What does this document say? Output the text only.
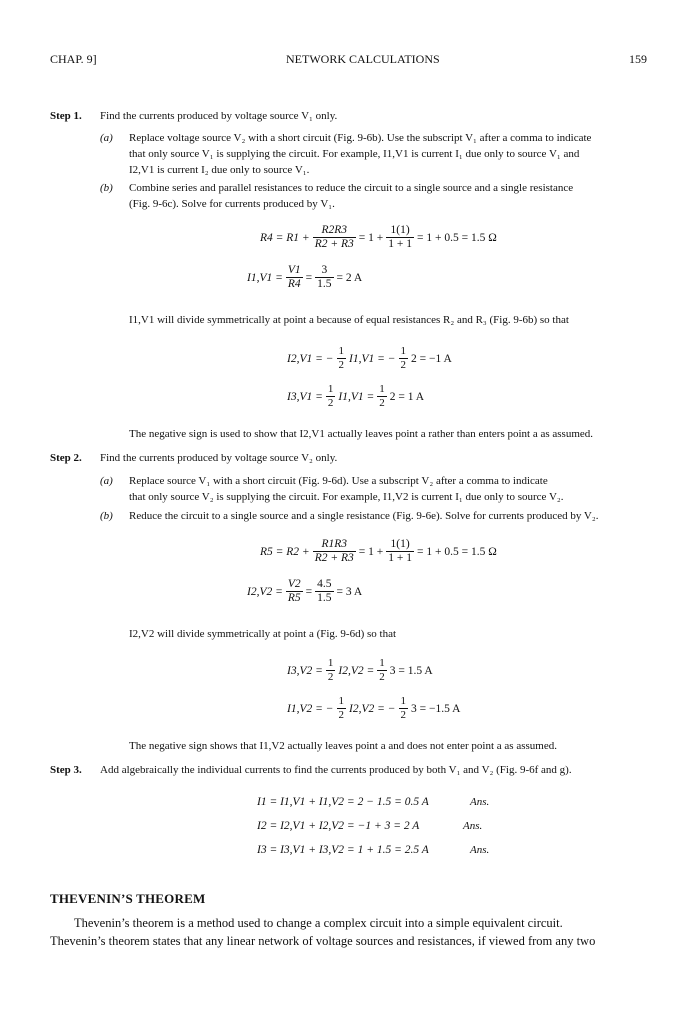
CHAP. 9]	NETWORK CALCULATIONS	159
Step 1. Find the currents produced by voltage source V₁ only.
(a) Replace voltage source V₂ with a short circuit (Fig. 9-6b). Use the subscript V₁ after a comma to indicate
that only source V₁ is supplying the circuit. For example, I1,V1 is current I₁ due only to source V₁ and
I2,V1 is current I₂ due only to source V₁.
(b) Combine series and parallel resistances to reduce the circuit to a single source and a single resistance
(Fig. 9-6c). Solve for currents produced by V₁.
$R4 = R1 + \frac{R2R3}{R2 + R3} = 1 + \frac{1(1)}{1 + 1} = 1 + 0.5 = 1.5$ Ω
$I1,V1 = \frac{V1}{R4} = \frac{3}{1.5} = 2$ A
I1,V1 will divide symmetrically at point a because of equal resistances R₂ and R₃ (Fig. 9-6b) so that
I2,V1 = − $\frac{1}{2} I1,V1$ = − $\frac{1}{2} 2 = -1$ A
$I3,V1 = \frac{1}{2} I1,V1 = \frac{1}{2} 2 = 1$ A
The negative sign is used to show that I2,V1 actually leaves point a rather than enters point a as assumed.
Step 2. Find the currents produced by voltage source V₂ only.
(a) Replace source V₁ with a short circuit (Fig. 9-6d). Use a subscript V₂ after a comma to indicate
that only source V₂ is supplying the circuit. For example, I1,V2 is current I₁ due only to source V₂.
(b) Reduce the circuit to a single source and a single resistance (Fig. 9-6e). Solve for currents produced by V₂.
$R5 = R2 + \frac{R1R3}{R2 + R3} = 1 + \frac{1(1)}{1 + 1} = 1 + 0.5 = 1.5$ Ω
$I2,V2 = \frac{V2}{R5} = \frac{4.5}{1.5} = 3$ A
I2,V2 will divide symmetrically at point a (Fig. 9-6d) so that
$I3,V2 = \frac{1}{2} I2,V2 = \frac{1}{2} 3 = 1.5$ A
I1,V2 = − $\frac{1}{2} I2,V2$ = − $\frac{1}{2} 3 = -1.5$ A
The negative sign shows that I1,V2 actually leaves point a and does not enter point a as assumed.
Step 3. Add algebraically the individual currents to find the currents produced by both V₁ and V₂ (Fig. 9-6f and g).
I1 = I1,V1 + I1,V2 = 2 − 1.5 = 0.5 A	Ans.
I2 = I2,V1 + I2,V2 = −1 + 3 = 2 A	Ans.
I3 = I3,V1 + I3,V2 = 1 + 1.5 = 2.5 A	Ans.
THEVENIN’S THEOREM
Thevenin’s theorem is a method used to change a complex circuit into a simple equivalent circuit.
Thevenin’s theorem states that any linear network of voltage sources and resistances, if viewed from any two
